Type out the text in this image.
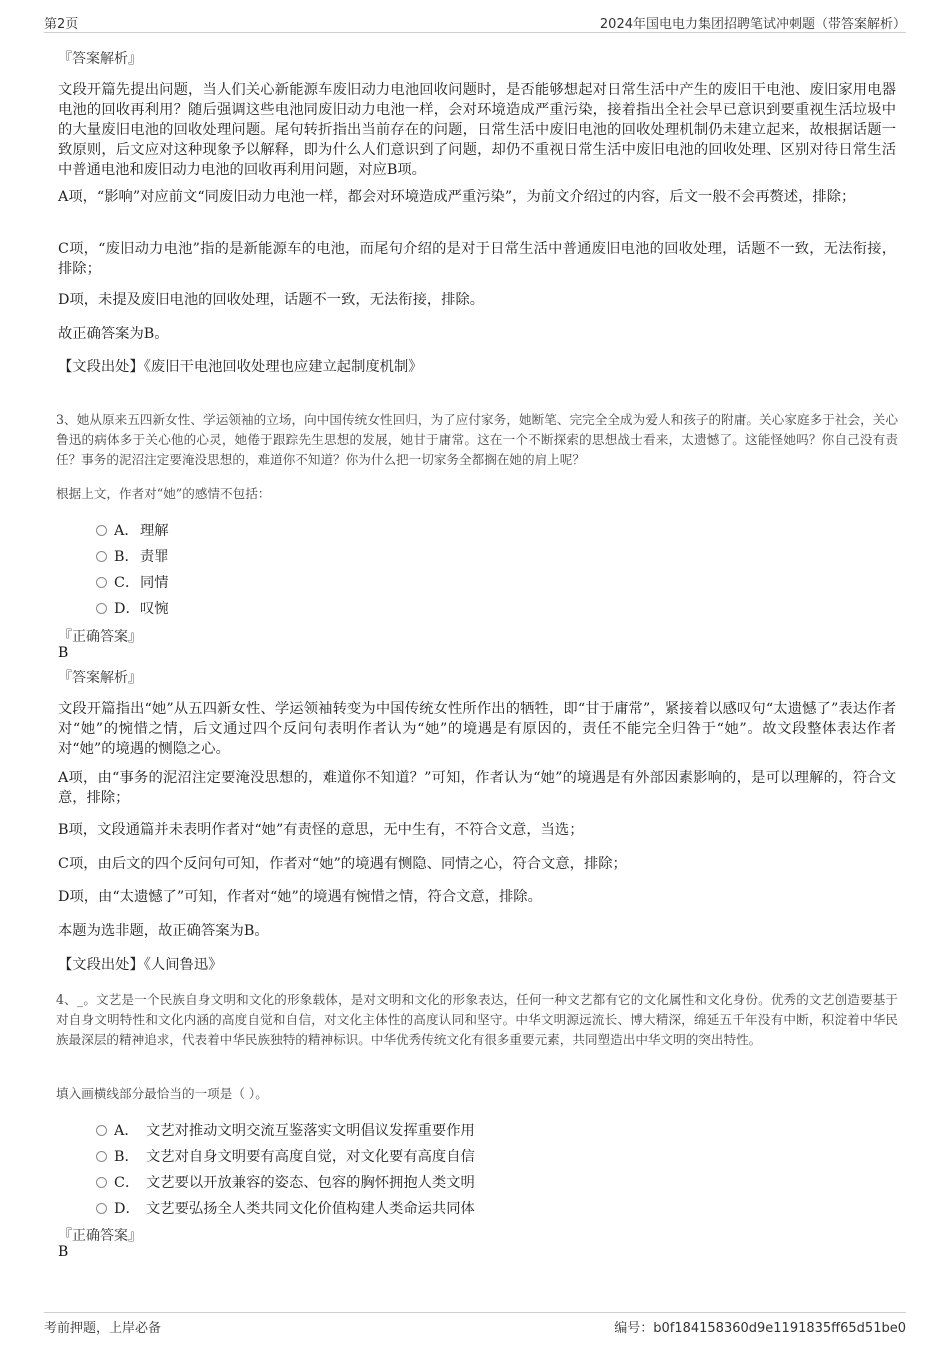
第2页	2024年国电电力集团招聘笔试冲刺题（带答案解析）
『答案解析』
文段开篇先提出问题，当人们关心新能源车废旧动力电池回收问题时，是否能够想起对日常生活中产生的废旧干电池、废旧家用电器电池的回收再利用？随后强调这些电池同废旧动力电池一样，会对环境造成严重污染，接着指出全社会早已意识到要重视生活垃圾中的大量废旧电池的回收处理问题。尾句转折指出当前存在的问题，日常生活中废旧电池的回收处理机制仍未建立起来，故根据话题一致原则，后文应对这种现象予以解释，即为什么人们意识到了问题，却仍不重视日常生活中废旧电池的回收处理、区别对待日常生活中普通电池和废旧动力电池的回收再利用问题，对应B项。
A项，“影响”对应前文“同废旧动力电池一样，都会对环境造成严重污染”，为前文介绍过的内容，后文一般不会再赘述，排除；
C项，“废旧动力电池”指的是新能源车的电池，而尾句介绍的是对于日常生活中普通废旧电池的回收处理，话题不一致，无法衔接，排除；
D项，未提及废旧电池的回收处理，话题不一致，无法衔接，排除。
故正确答案为B。
【文段出处】《废旧干电池回收处理也应建立起制度机制》
3、她从原来五四新女性、学运领袖的立场，向中国传统女性回归，为了应付家务，她断笔、完完全全成为爱人和孩子的附庸。关心家庭多于社会，关心鲁迅的病体多于关心他的心灵，她倦于跟踪先生思想的发展，她甘于庸常。这在一个不断探索的思想战士看来，太遗憾了。这能怪她吗？你自己没有责任？事务的泥沼注定要淹没思想的，难道你不知道？你为什么把一切家务全都搁在她的肩上呢？
根据上文，作者对“她”的感情不包括：
A． 理解
B． 责罪
C． 同情
D． 叹惋
『正确答案』
B
『答案解析』
文段开篇指出“她”从五四新女性、学运领袖转变为中国传统女性所作出的牺牲，即“甘于庸常”，紧接着以感叹句“太遗憾了”表达作者对“她”的惋惜之情，后文通过四个反问句表明作者认为“她”的境遇是有原因的，责任不能完全归咎于“她”。故文段整体表达作者对“她”的境遇的恻隐之心。
A项，由“事务的泥沼注定要淹没思想的，难道你不知道？”可知，作者认为“她”的境遇是有外部因素影响的，是可以理解的，符合文意，排除；
B项，文段通篇并未表明作者对“她”有责怪的意思，无中生有，不符合文意，当选；
C项，由后文的四个反问句可知，作者对“她”的境遇有恻隐、同情之心，符合文意，排除；
D项，由“太遗憾了”可知，作者对“她”的境遇有惋惜之情，符合文意，排除。
本题为选非题，故正确答案为B。
【文段出处】《人间鲁迅》
4、_。文艺是一个民族自身文明和文化的形象载体，是对文明和文化的形象表达，任何一种文艺都有它的文化属性和文化身份。优秀的文艺创造要基于对自身文明特性和文化内涵的高度自觉和自信，对文化主体性的高度认同和坚守。中华文明源远流长、博大精深，绵延五千年没有中断，积淀着中华民族最深层的精神追求，代表着中华民族独特的精神标识。中华优秀传统文化有很多重要元素，共同塑造出中华文明的突出特性。
填入画横线部分最恰当的一项是（ ）。
A． 文艺对推动文明交流互鉴落实文明倡议发挥重要作用
B． 文艺对自身文明要有高度自觉，对文化要有高度自信
C． 文艺要以开放兼容的姿态、包容的胸怀拥抱人类文明
D． 文艺要弘扬全人类共同文化价值构建人类命运共同体
『正确答案』
B
考前押题，上岸必备	编号：b0f184158360d9e1191835ff65d51be0
